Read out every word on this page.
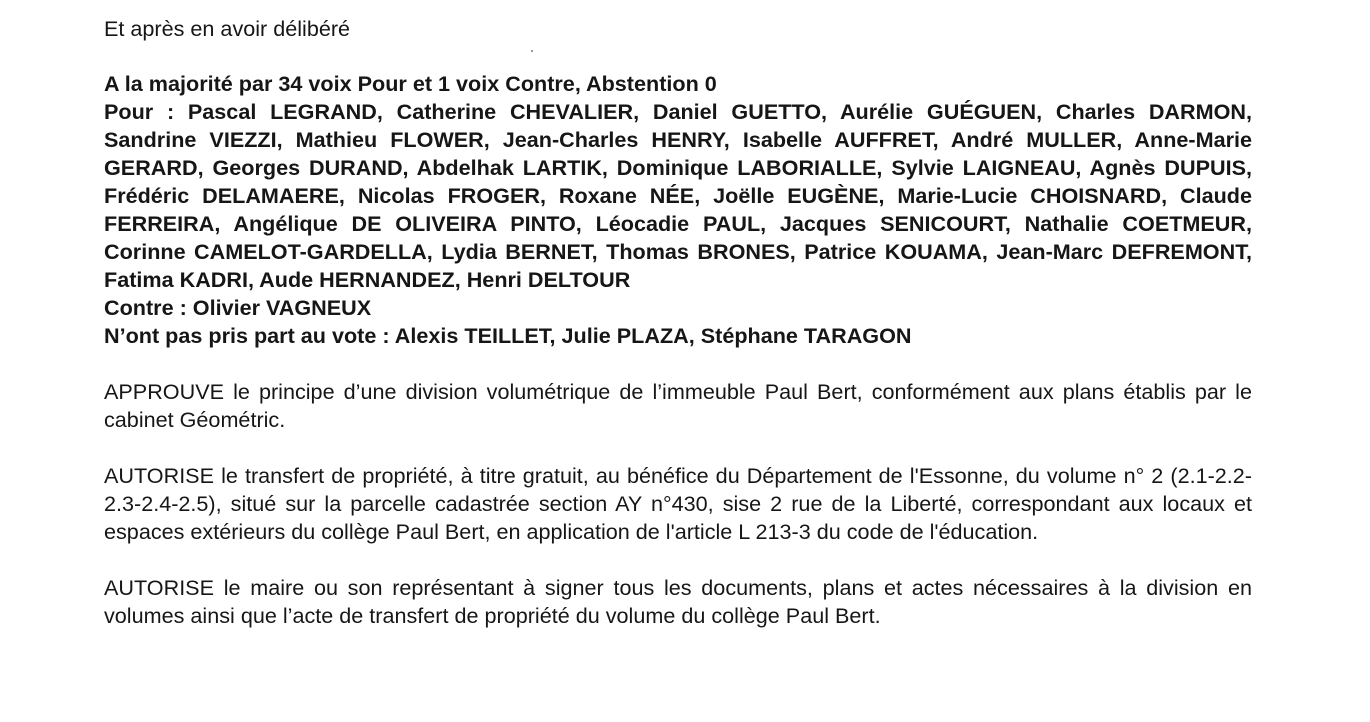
Et après en avoir délibéré

A la majorité par 34 voix Pour et 1 voix Contre, Abstention 0

Pour : Pascal LEGRAND, Catherine CHEVALIER, Daniel GUETTO, Aurélie GUÉGUEN, Charles DARMON, Sandrine VIEZZI, Mathieu FLOWER, Jean-Charles HENRY, Isabelle AUFFRET, André MULLER, Anne-Marie GERARD, Georges DURAND, Abdelhak LARTIK, Dominique LABORIALLE, Sylvie LAIGNEAU, Agnès DUPUIS, Frédéric DELAMAERE, Nicolas FROGER, Roxane NÉE, Joëlle EUGÈNE, Marie-Lucie CHOISNARD, Claude FERREIRA, Angélique DE OLIVEIRA PINTO, Léocadie PAUL, Jacques SENICOURT, Nathalie COETMEUR, Corinne CAMELOT-GARDELLA, Lydia BERNET, Thomas BRONES, Patrice KOUAMA, Jean-Marc DEFREMONT, Fatima KADRI, Aude HERNANDEZ, Henri DELTOUR

Contre : Olivier VAGNEUX

N’ont pas pris part au vote : Alexis TEILLET, Julie PLAZA, Stéphane TARAGON

APPROUVE le principe d’une division volumétrique de l’immeuble Paul Bert, conformément aux plans établis par le cabinet Géométric.

AUTORISE le transfert de propriété, à titre gratuit, au bénéfice du Département de l'Essonne, du volume n° 2 (2.1-2.2-2.3-2.4-2.5), situé sur la parcelle cadastrée section AY n°430, sise 2 rue de la Liberté, correspondant aux locaux et espaces extérieurs du collège Paul Bert, en application de l'article L 213-3 du code de l'éducation.

AUTORISE le maire ou son représentant à signer tous les documents, plans et actes nécessaires à la division en volumes ainsi que l’acte de transfert de propriété du volume du collège Paul Bert.
